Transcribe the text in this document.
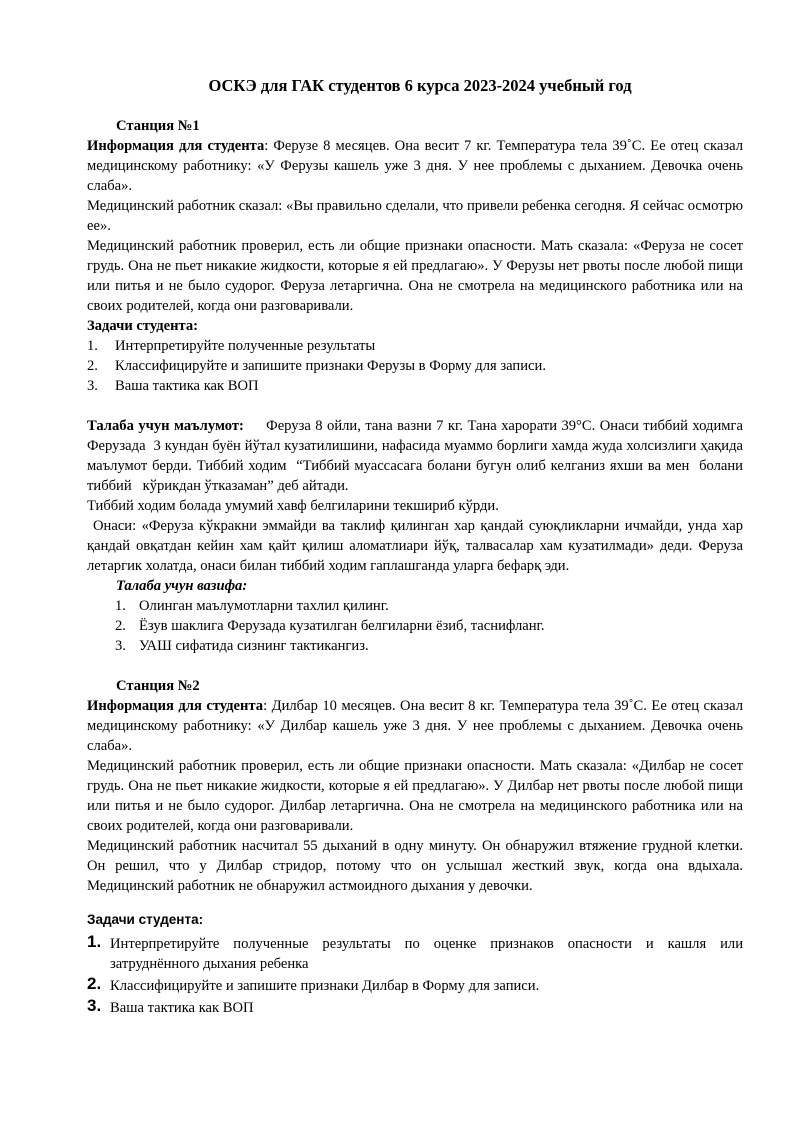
ОСКЭ для ГАК студентов 6 курса 2023-2024 учебный год
Станция №1

Информация для студента: Ферузе 8 месяцев. Она весит 7 кг. Температура тела 39˚С. Ее отец сказал медицинскому работнику: «У Ферузы кашель уже 3 дня. У нее проблемы с дыханием. Девочка очень слаба».

Медицинский работник сказал: «Вы правильно сделали, что привели ребенка сегодня. Я сейчас осмотрю ее».

Медицинский работник проверил, есть ли общие признаки опасности. Мать сказала: «Феруза не сосет грудь. Она не пьет никакие жидкости, которые я ей предлагаю». У Ферузы нет рвоты после любой пищи или питья и не было судорог. Феруза летаргична. Она не смотрела на медицинского работника или на своих родителей, когда они разговаривали.

Задачи студента:
1. Интерпретируйте полученные результаты
2. Классифицируйте и запишите признаки Ферузы в Форму для записи.
3. Ваша тактика как ВОП

Талаба учун маълумот:     Феруза 8 ойли, тана вазни 7 кг. Тана харорати 39°С. Онаси тиббий ходимга Ферузада  3 кундан буён йўтал кузатилишини, нафасида муаммо борлиги хамда жуда холсизлиги ҳақида маълумот берди. Тиббий ходим  “Тиббий муассасага болани бугун олиб келганиз яхши ва мен  болани тиббий   кўрикдан ўтказаман” деб айтади.

Тиббий ходим болада умумий хавф белгиларини текшириб кўрди.

Онаси: «Феруза кўкракни эммайди ва таклиф қилинган хар қандай суюқликларни ичмайди, унда хар қандай овқатдан кейин хам қайт қилиш аломатлиари йўқ, талвасалар хам кузатилмади» деди. Феруза летаргик холатда, онаси билан тиббий ходим гаплашганда уларга бефарқ эди.

Талаба учун вазифа:
1. Олинган маълумотларни тахлил қилинг.
2. Ёзув шаклига Ферузада кузатилган белгиларни ёзиб, таснифланг.
3. УАШ сифатида сизнинг тактикангиз.
Станция №2

Информация для студента: Дилбар 10 месяцев. Она весит 8 кг. Температура тела 39˚С. Ее отец сказал медицинскому работнику: «У Дилбар кашель уже 3 дня. У нее проблемы с дыханием. Девочка очень слаба».

Медицинский работник проверил, есть ли общие признаки опасности. Мать сказала: «Дилбар не сосет грудь. Она не пьет никакие жидкости, которые я ей предлагаю». У Дилбар нет рвоты после любой пищи или питья и не было судорог. Дилбар летаргична. Она не смотрела на медицинского работника или на своих родителей, когда они разговаривали.

Медицинский работник насчитал 55 дыханий в одну минуту. Он обнаружил втяжение грудной клетки. Он решил, что у Дилбар стридор, потому что он услышал жесткий звук, когда она вдыхала. Медицинский работник не обнаружил астмоидного дыхания у девочки.

Задачи студента:
1. Интерпретируйте полученные результаты по оценке признаков опасности и кашля или затруднённого дыхания ребенка
2. Классифицируйте и запишите признаки Дилбар в Форму для записи.
3. Ваша тактика как ВОП
